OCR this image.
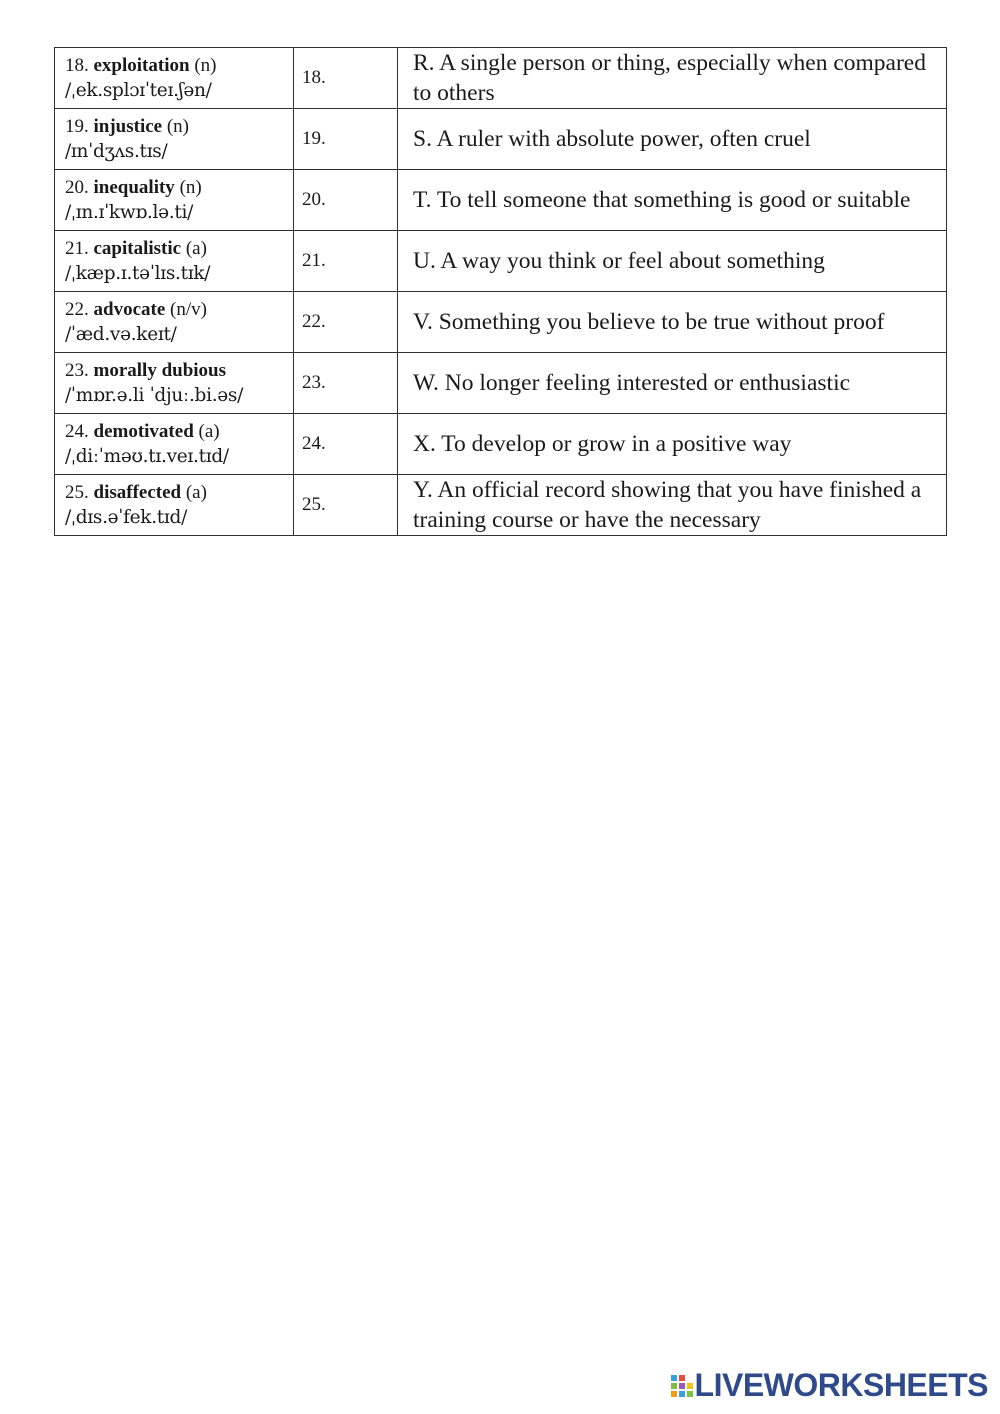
18. exploitation (n)
/ˌek.splɔɪˈteɪ.ʃən/	18.	R. A single person or thing, especially when compared to others

19. injustice (n)
/ɪnˈdʒʌs.tɪs/	19.	S. A ruler with absolute power, often cruel

20. inequality (n)
/ˌɪn.ɪˈkwɒ.lə.ti/	20.	T. To tell someone that something is good or suitable

21. capitalistic (a)
/ˌkæp.ɪ.təˈlɪs.tɪk/	21.	U. A way you think or feel about something

22. advocate (n/v)
/ˈæd.və.keɪt/	22.	V. Something you believe to be true without proof

23. morally dubious
/ˈmɒr.ə.li ˈdjuː.bi.əs/	23.	W. No longer feeling interested or enthusiastic

24. demotivated (a)
/ˌdiːˈməʊ.tɪ.veɪ.tɪd/	24.	X. To develop or grow in a positive way

25. disaffected (a)
/ˌdɪs.əˈfek.tɪd/	25.	Y. An official record showing that you have finished a training course or have the necessary
LIVEWORKSHEETS
